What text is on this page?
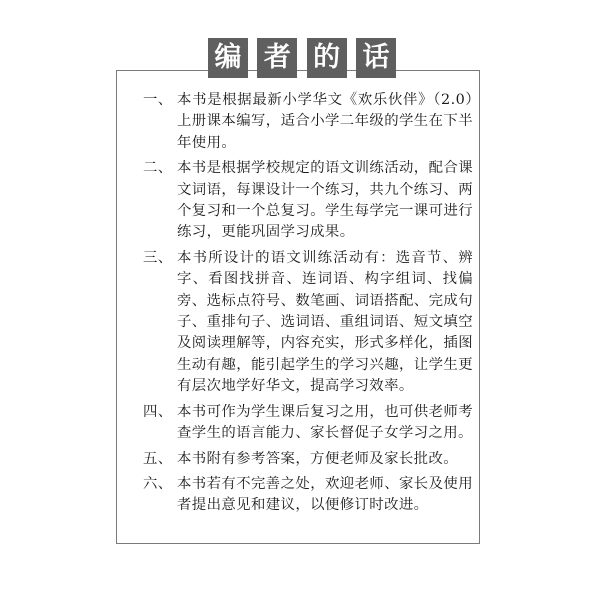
编 者 的 话
一、 本书是根据最新小学华文《欢乐伙伴》（2.0）上册课本编写，适合小学二年级的学生在下半年使用。
二、 本书是根据学校规定的语文训练活动，配合课文词语，每课设计一个练习，共九个练习、两个复习和一个总复习。学生每学完一课可进行练习，更能巩固学习成果。
三、 本书所设计的语文训练活动有：选音节、辨字、看图找拼音、连词语、构字组词、找偏旁、选标点符号、数笔画、词语搭配、完成句子、重排句子、选词语、重组词语、短文填空及阅读理解等，内容充实，形式多样化，插图生动有趣，能引起学生的学习兴趣，让学生更有层次地学好华文，提高学习效率。
四、 本书可作为学生课后复习之用，也可供老师考查学生的语言能力、家长督促子女学习之用。
五、 本书附有参考答案，方便老师及家长批改。
六、 本书若有不完善之处，欢迎老师、家长及使用者提出意见和建议，以便修订时改进。
